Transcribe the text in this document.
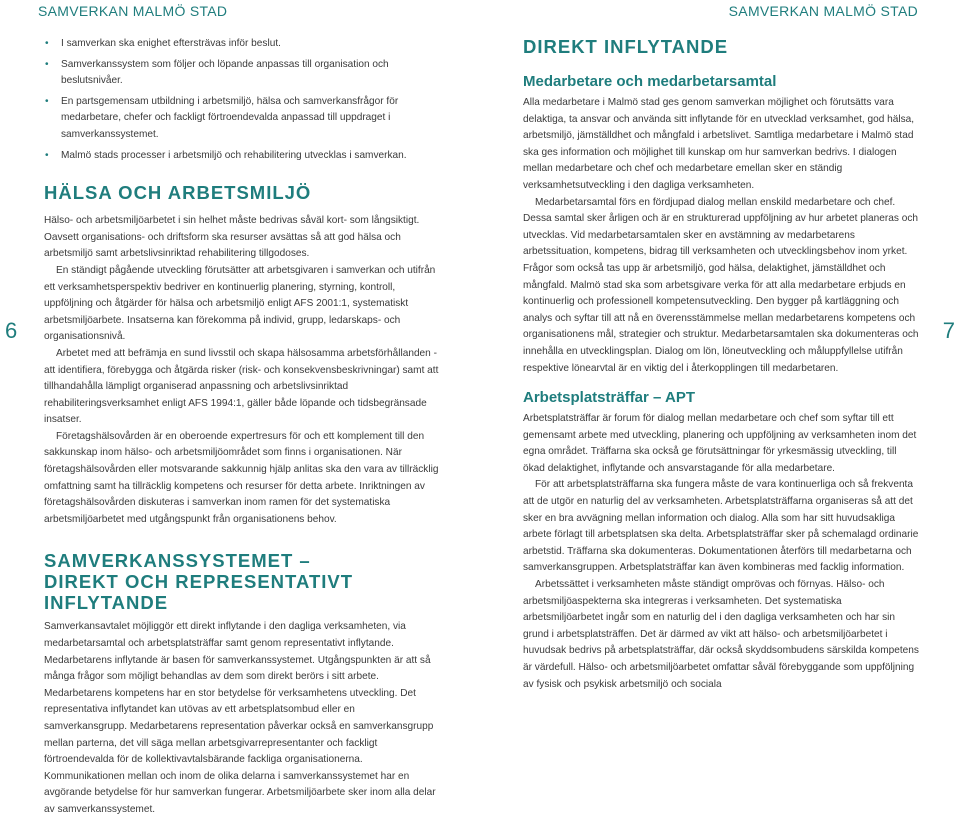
SAMVERKAN MALMÖ STAD	SAMVERKAN MALMÖ STAD
6	7
• I samverkan ska enighet eftersträvas inför beslut.
• Samverkanssystem som följer och löpande anpassas till organisation och beslutsnivåer.
• En partsgemensam utbildning i arbetsmiljö, hälsa och samverkansfrågor för medarbetare, chefer och fackligt förtroendevalda anpassad till uppdraget i samverkanssystemet.
• Malmö stads processer i arbetsmiljö och rehabilitering utvecklas i samverkan.
HÄLSA OCH ARBETSMILJÖ

Hälso- och arbetsmiljöarbetet i sin helhet måste bedrivas såväl kort- som långsiktigt.

Oavsett organisations- och driftsform ska resurser avsättas så att god hälsa och arbetsmiljö samt arbetslivsinriktad rehabilitering tillgodoses.

En ständigt pågående utveckling förutsätter att arbetsgivaren i samverkan och utifrån ett verksamhetsperspektiv bedriver en kontinuerlig planering, styrning, kontroll, uppföljning och åtgärder för hälsa och arbetsmiljö enligt AFS 2001:1, systematiskt arbetsmiljöarbete. Insatserna kan förekomma på individ, grupp, ledarskaps- och organisationsnivå.

Arbetet med att befrämja en sund livsstil och skapa hälsosamma arbetsförhållanden - att identifiera, förebygga och åtgärda risker (risk- och konsekvensbeskrivningar) samt att tillhandahålla lämpligt organiserad anpassning och arbetslivsinriktad rehabiliteringsverksamhet enligt AFS 1994:1, gäller både löpande och tidsbegränsade insatser.

Företagshälsovården är en oberoende expertresurs för och ett komplement till den sakkunskap inom hälso- och arbetsmiljöområdet som finns i organisationen. När företagshälsovården eller motsvarande sakkunnig hjälp anlitas ska den vara av tillräcklig omfattning samt ha tillräcklig kompetens och resurser för detta arbete. Inriktningen av företagshälsovården diskuteras i samverkan inom ramen för det systematiska arbetsmiljöarbetet med utgångspunkt från organisationens behov.

SAMVERKANSSYSTEMET –
DIREKT OCH REPRESENTATIVT INFLYTANDE

Samverkansavtalet möjliggör ett direkt inflytande i den dagliga verksamheten, via medarbetarsamtal och arbetsplatsträffar samt genom representativt inflytande. Medarbetarens inflytande är basen för samverkanssystemet. Utgångspunkten är att så många frågor som möjligt behandlas av dem som direkt berörs i sitt arbete. Medarbetarens kompetens har en stor betydelse för verksamhetens utveckling. Det representativa inflytandet kan utövas av ett arbetsplatsombud eller en samverkansgrupp. Medarbetarens representation påverkar också en samverkansgrupp mellan parterna, det vill säga mellan arbetsgivarrepresentanter och fackligt förtroendevalda för de kollektivavtalsbärande fackliga organisationerna. Kommunikationen mellan och inom de olika delarna i samverkanssystemet har en avgörande betydelse för hur samverkan fungerar. Arbetsmiljöarbete sker inom alla delar av samverkanssystemet.

DIREKT INFLYTANDE
Medarbetare och medarbetarsamtal

Alla medarbetare i Malmö stad ges genom samverkan möjlighet och förutsätts vara delaktiga, ta ansvar och använda sitt inflytande för en utvecklad verksamhet, god hälsa, arbetsmiljö, jämställdhet och mångfald i arbetslivet. Samtliga medarbetare i Malmö stad ska ges information och möjlighet till kunskap om hur samverkan bedrivs. I dialogen mellan medarbetare och chef och medarbetare emellan sker en ständig verksamhetsutveckling i den dagliga verksamheten.

Medarbetarsamtal förs en fördjupad dialog mellan enskild medarbetare och chef. Dessa samtal sker årligen och är en strukturerad uppföljning av hur arbetet planeras och utvecklas. Vid medarbetarsamtalen sker en avstämning av medarbetarens arbetssituation, kompetens, bidrag till verksamheten och utvecklingsbehov inom yrket. Frågor som också tas upp är arbetsmiljö, god hälsa, delaktighet, jämställdhet och mångfald. Malmö stad ska som arbetsgivare verka för att alla medarbetare erbjuds en kontinuerlig och professionell kompetensutveckling. Den bygger på kartläggning och analys och syftar till att nå en överensstämmelse mellan medarbetarens kompetens och organisationens mål, strategier och struktur. Medarbetarsamtalen ska dokumenteras och innehålla en utvecklingsplan. Dialog om lön, löneutveckling och måluppfyllelse utifrån respektive lönearvtal är en viktig del i återkopplingen till medarbetaren.

Arbetsplatsträffar – APT

Arbetsplatsträffar är forum för dialog mellan medarbetare och chef som syftar till ett gemensamt arbete med utveckling, planering och uppföljning av verksamheten inom det egna området. Träffarna ska också ge förutsättningar för yrkesmässig utveckling, till ökad delaktighet, inflytande och ansvarstagande för alla medarbetare.

För att arbetsplatsträffarna ska fungera måste de vara kontinuerliga och så frekventa att de utgör en naturlig del av verksamheten. Arbetsplatsträffarna organiseras så att det sker en bra avvägning mellan information och dialog. Alla som har sitt huvudsakliga arbete förlagt till arbetsplatsen ska delta. Arbetsplatsträffar sker på schemalagd ordinarie arbetstid. Träffarna ska dokumenteras. Dokumentationen återförs till medarbetarna och samverkansgruppen. Arbetsplatsträffar kan även kombineras med facklig information.

Arbetssättet i verksamheten måste ständigt omprövas och förnyas. Hälso- och arbetsmiljöaspekterna ska integreras i verksamheten. Det systematiska arbetsmiljöarbetet ingår som en naturlig del i den dagliga verksamheten och har sin grund i arbetsplatsträffen. Det är därmed av vikt att hälso- och arbetsmiljöarbetet i huvudsak bedrivs på arbetsplatsträffar, där också skyddsombudens särskilda kompetens är värdefull. Hälso- och arbetsmiljöarbetet omfattar såväl förebyggande som uppföljning av fysisk och psykisk arbetsmiljö och sociala
